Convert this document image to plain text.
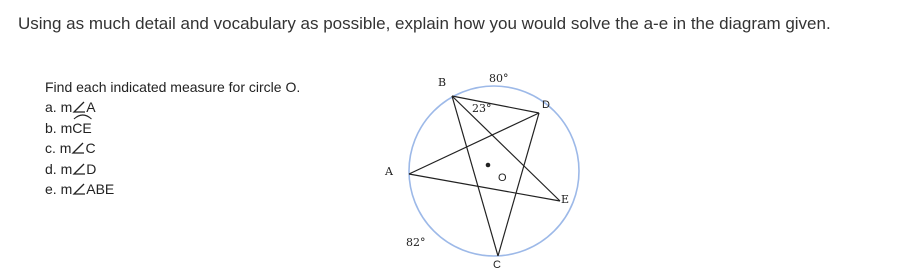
Using as much detail and vocabulary as possible, explain how you would solve the a-e in the diagram given.
Find each indicated measure for circle O.
a. m A
b. m
CE
c. m C
d. m D
e. m ABE
B
D
A
E
C
O
80°
23°
82°
